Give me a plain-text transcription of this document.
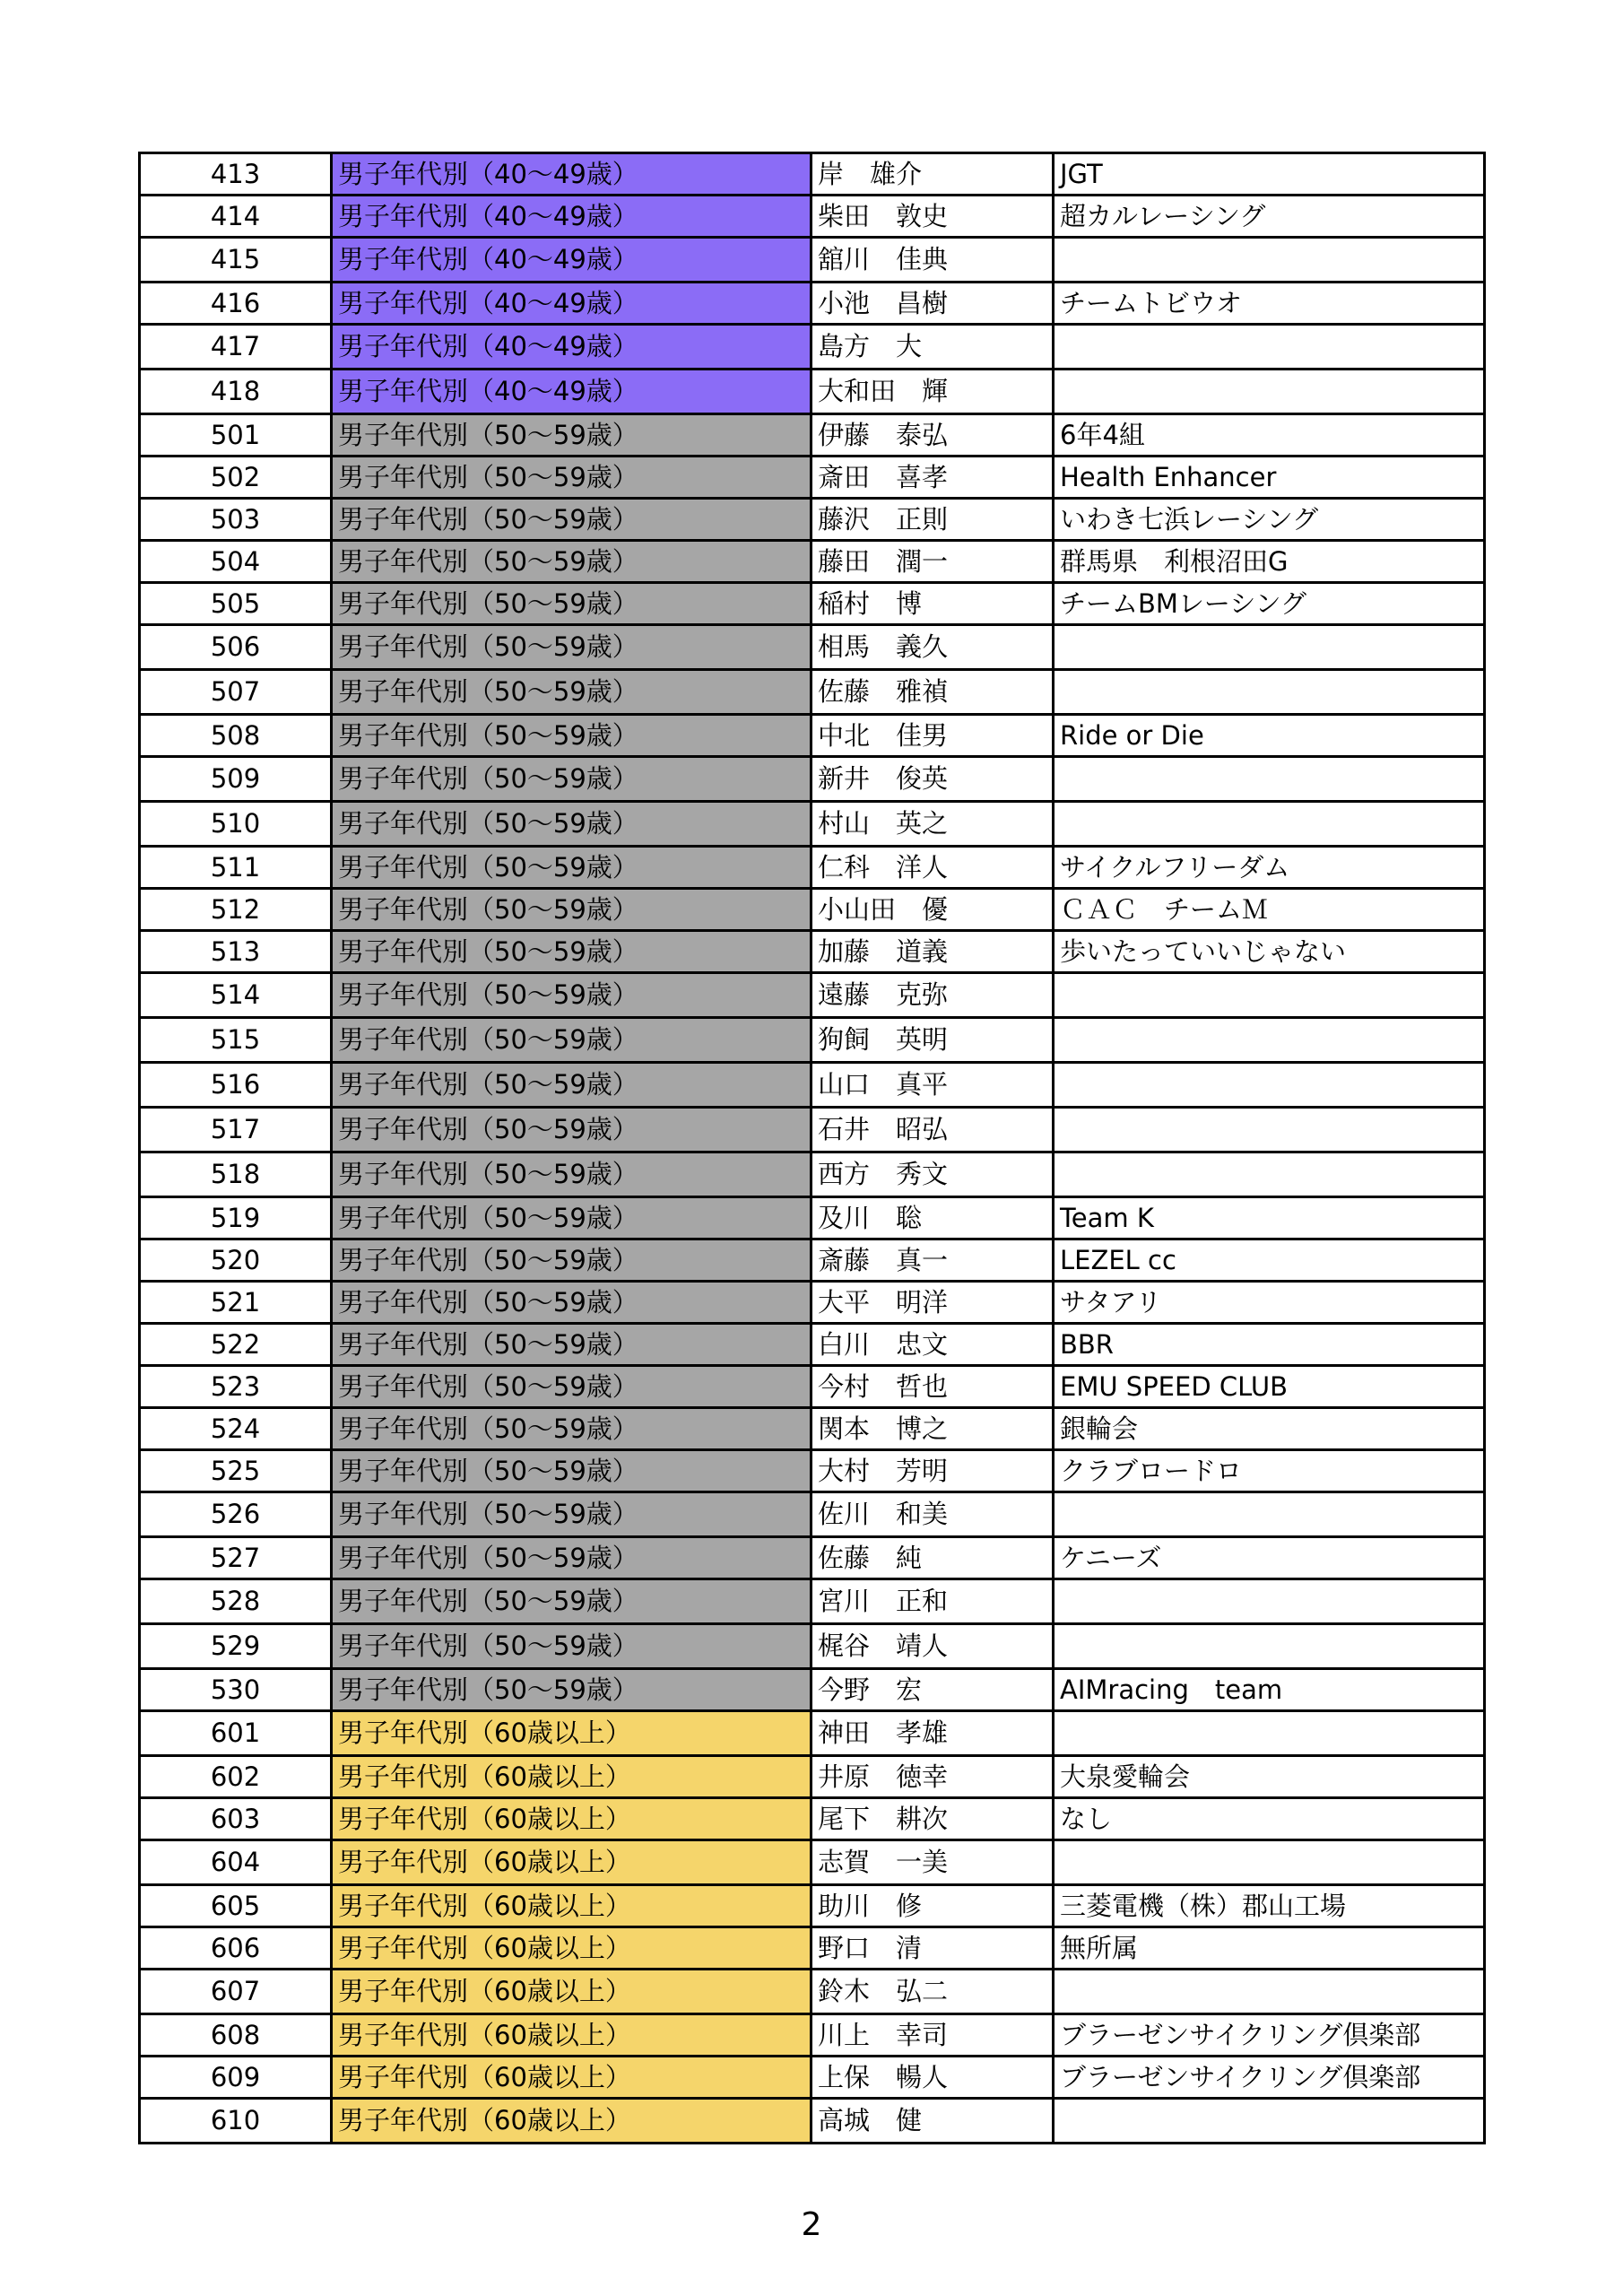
413	男子年代別（40〜49歳）	岸　雄介	JGT
414	男子年代別（40〜49歳）	柴田　敦史	超カルレーシング
415	男子年代別（40〜49歳）	舘川　佳典	
416	男子年代別（40〜49歳）	小池　昌樹	チームトビウオ
417	男子年代別（40〜49歳）	島方　大	
418	男子年代別（40〜49歳）	大和田　輝	
501	男子年代別（50〜59歳）	伊藤　泰弘	6年4組
502	男子年代別（50〜59歳）	斎田　喜孝	Health Enhancer
503	男子年代別（50〜59歳）	藤沢　正則	いわき七浜レーシング
504	男子年代別（50〜59歳）	藤田　潤一	群馬県　利根沼田G
505	男子年代別（50〜59歳）	稲村　博	チームBMレーシング
506	男子年代別（50〜59歳）	相馬　義久	
507	男子年代別（50〜59歳）	佐藤　雅禎	
508	男子年代別（50〜59歳）	中北　佳男	Ride or Die
509	男子年代別（50〜59歳）	新井　俊英	
510	男子年代別（50〜59歳）	村山　英之	
511	男子年代別（50〜59歳）	仁科　洋人	サイクルフリーダム
512	男子年代別（50〜59歳）	小山田　優	ＣＡＣ　チームＭ
513	男子年代別（50〜59歳）	加藤　道義	歩いたっていいじゃない
514	男子年代別（50〜59歳）	遠藤　克弥	
515	男子年代別（50〜59歳）	狗飼　英明	
516	男子年代別（50〜59歳）	山口　真平	
517	男子年代別（50〜59歳）	石井　昭弘	
518	男子年代別（50〜59歳）	西方　秀文	
519	男子年代別（50〜59歳）	及川　聡	Team K
520	男子年代別（50〜59歳）	斎藤　真一	LEZEL cc
521	男子年代別（50〜59歳）	大平　明洋	サタアリ
522	男子年代別（50〜59歳）	白川　忠文	BBR
523	男子年代別（50〜59歳）	今村　哲也	EMU SPEED CLUB
524	男子年代別（50〜59歳）	関本　博之	銀輪会
525	男子年代別（50〜59歳）	大村　芳明	クラブロードロ
526	男子年代別（50〜59歳）	佐川　和美	
527	男子年代別（50〜59歳）	佐藤　純	ケニーズ
528	男子年代別（50〜59歳）	宮川　正和	
529	男子年代別（50〜59歳）	梶谷　靖人	
530	男子年代別（50〜59歳）	今野　宏	AIMracing　team
601	男子年代別（60歳以上）	神田　孝雄	
602	男子年代別（60歳以上）	井原　徳幸	大泉愛輪会
603	男子年代別（60歳以上）	尾下　耕次	なし
604	男子年代別（60歳以上）	志賀　一美	
605	男子年代別（60歳以上）	助川　修	三菱電機（株）郡山工場
606	男子年代別（60歳以上）	野口　清	無所属
607	男子年代別（60歳以上）	鈴木　弘二	
608	男子年代別（60歳以上）	川上　幸司	ブラーゼンサイクリング倶楽部
609	男子年代別（60歳以上）	上保　暢人	ブラーゼンサイクリング倶楽部
610	男子年代別（60歳以上）	高城　健	
2
